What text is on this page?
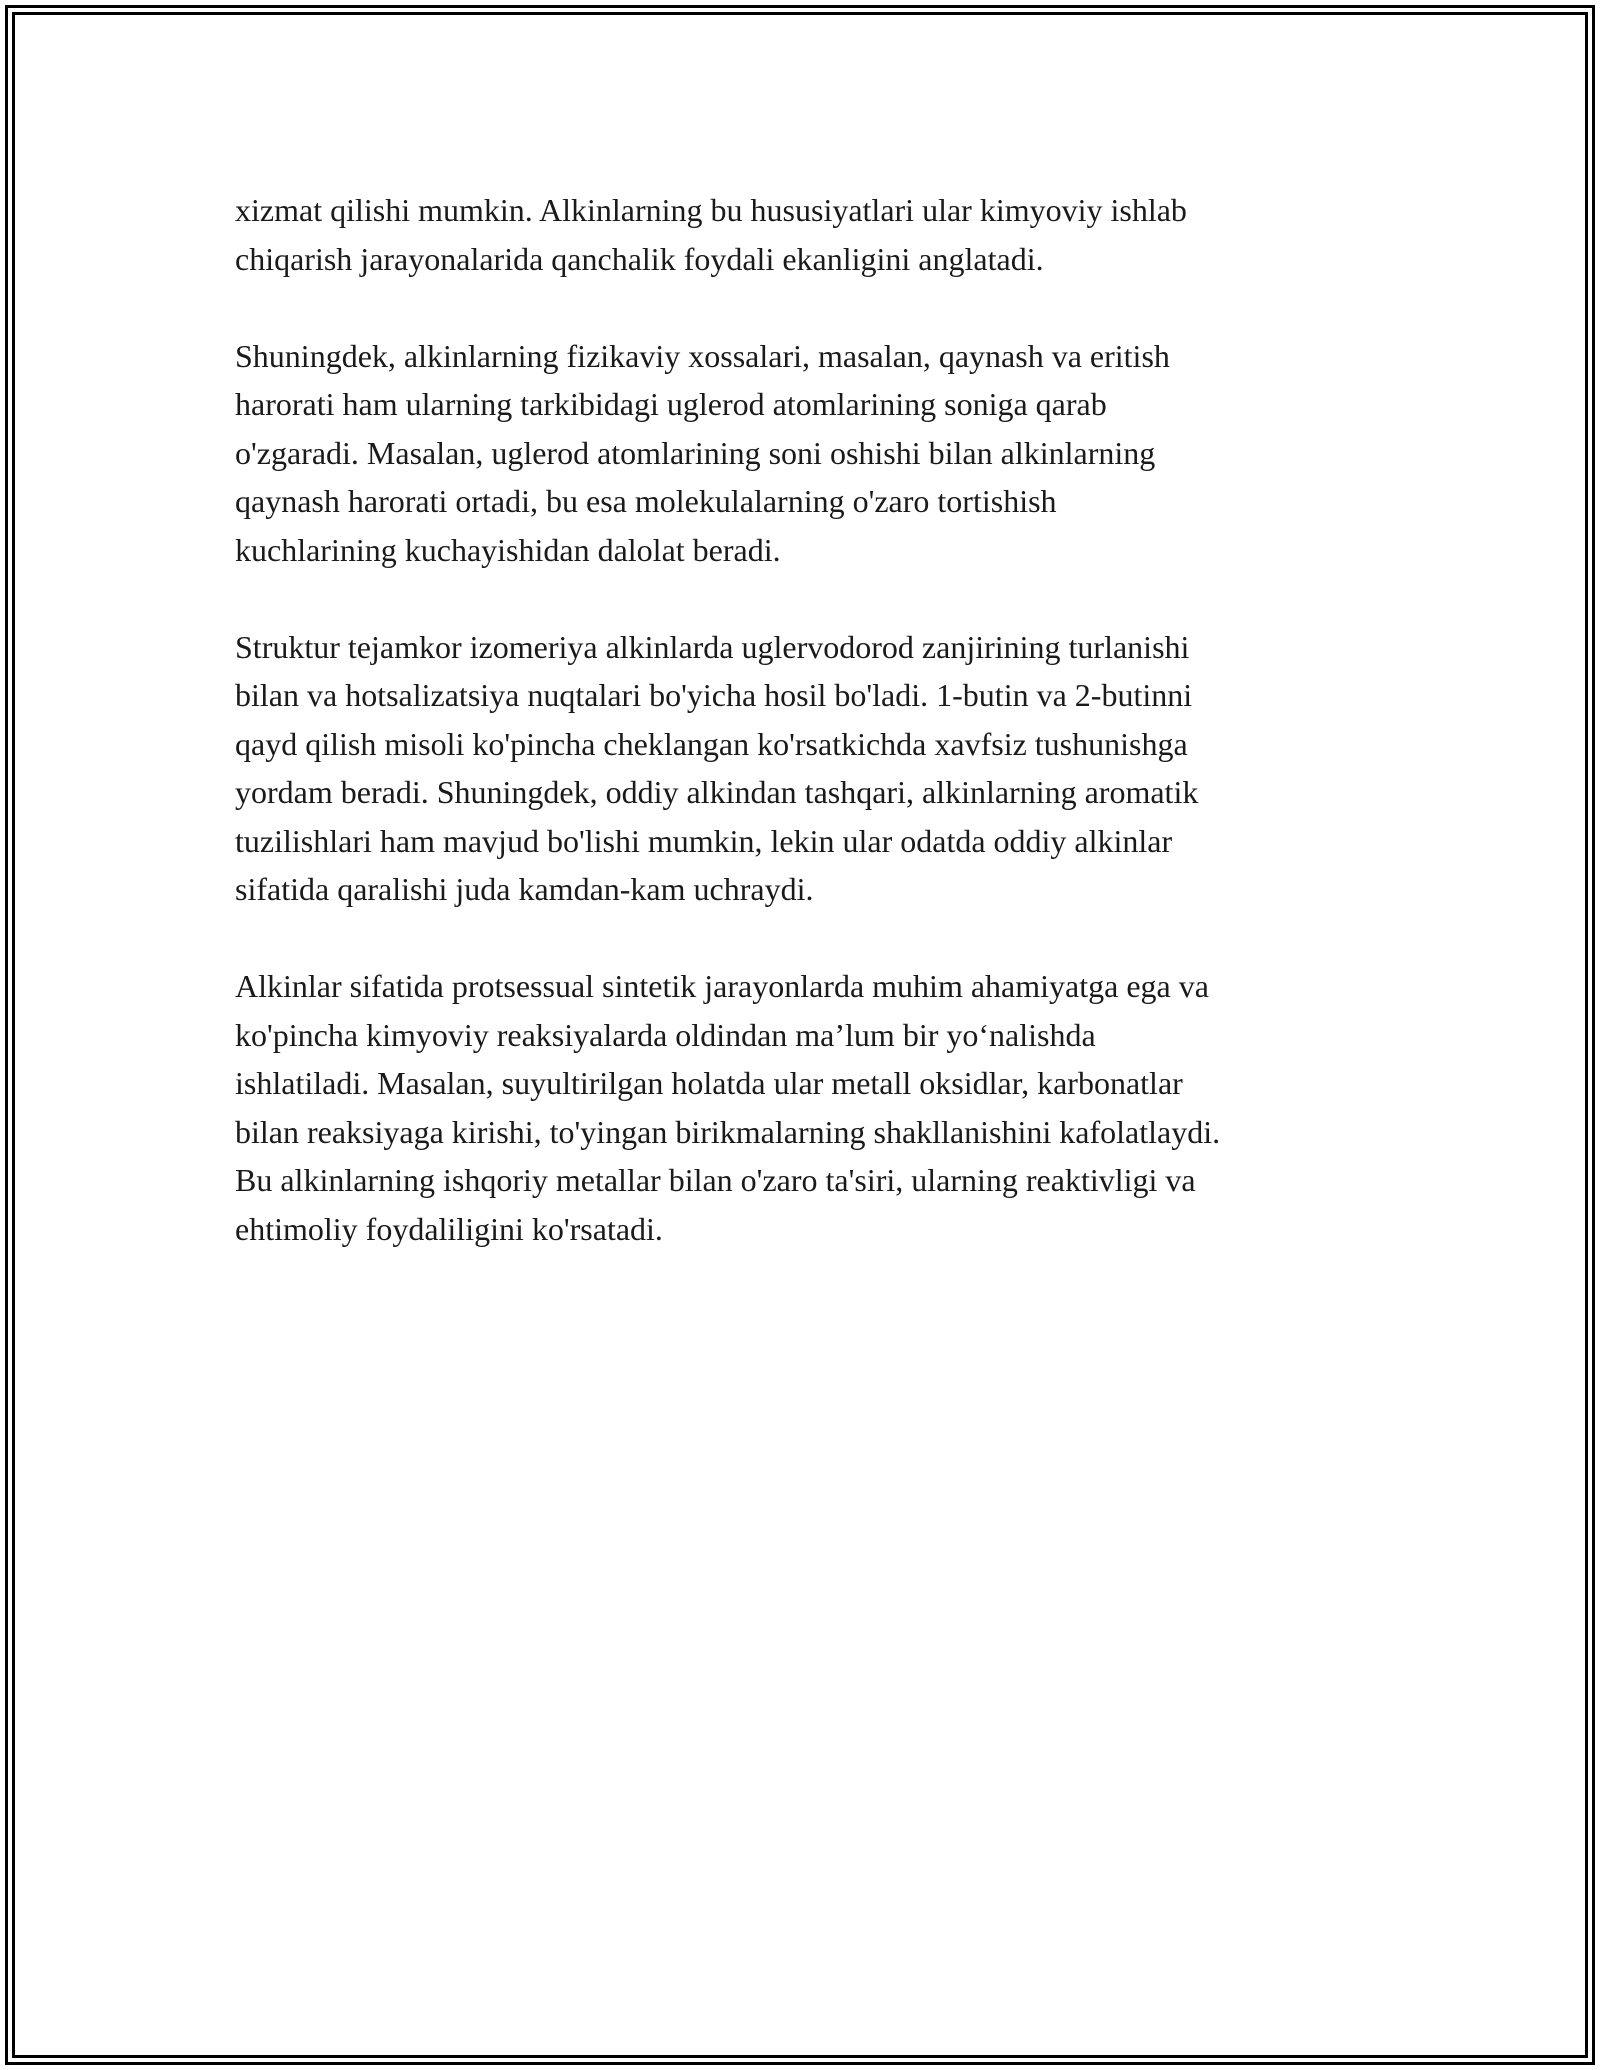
xizmat qilishi mumkin. Alkinlarning bu hususiyatlari ular kimyoviy ishlab
chiqarish jarayonalarida qanchalik foydali ekanligini anglatadi.

Shuningdek, alkinlarning fizikaviy xossalari, masalan, qaynash va eritish
harorati ham ularning tarkibidagi uglerod atomlarining soniga qarab
o'zgaradi. Masalan, uglerod atomlarining soni oshishi bilan alkinlarning
qaynash harorati ortadi, bu esa molekulalarning o'zaro tortishish
kuchlarining kuchayishidan dalolat beradi.

Struktur tejamkor izomeriya alkinlarda uglervodorod zanjirining turlanishi
bilan va hotsalizatsiya nuqtalari bo'yicha hosil bo'ladi. 1-butin va 2-butinni
qayd qilish misoli ko'pincha cheklangan ko'rsatkichda xavfsiz tushunishga
yordam beradi. Shuningdek, oddiy alkindan tashqari, alkinlarning aromatik
tuzilishlari ham mavjud bo'lishi mumkin, lekin ular odatda oddiy alkinlar
sifatida qaralishi juda kamdan-kam uchraydi.

Alkinlar sifatida protsessual sintetik jarayonlarda muhim ahamiyatga ega va
ko'pincha kimyoviy reaksiyalarda oldindan ma’lum bir yo‘nalishda
ishlatiladi. Masalan, suyultirilgan holatda ular metall oksidlar, karbonatlar
bilan reaksiyaga kirishi, to'yingan birikmalarning shakllanishini kafolatlaydi.
Bu alkinlarning ishqoriy metallar bilan o'zaro ta'siri, ularning reaktivligi va
ehtimoliy foydaliligini ko'rsatadi.
